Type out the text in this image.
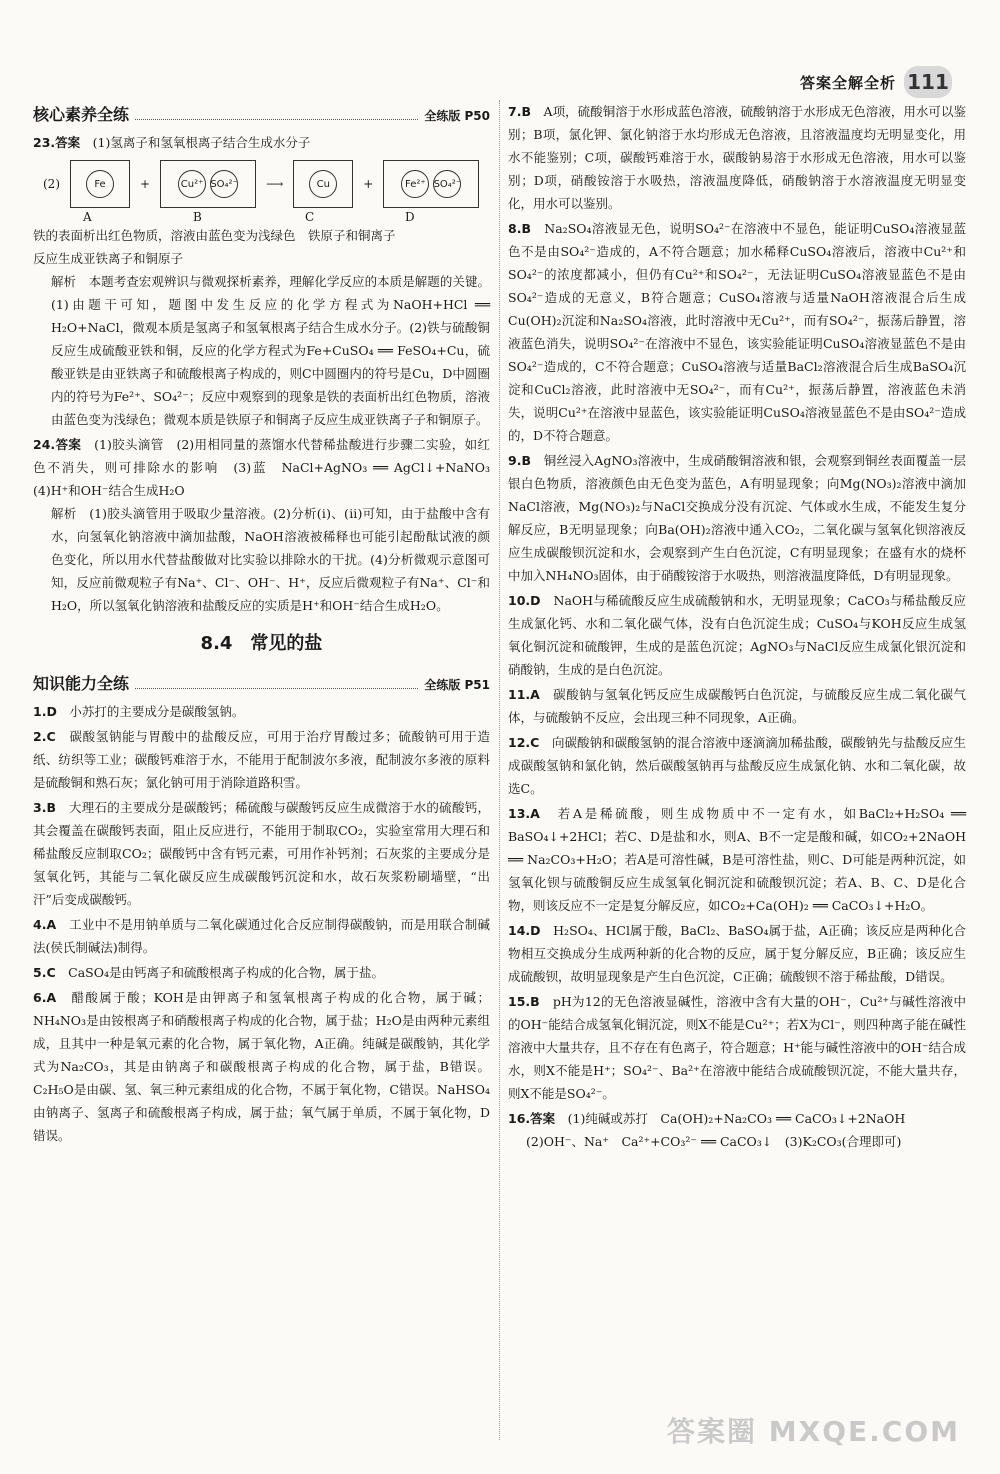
答案全解全析 111
核心素养全练	全练版 P50

23.答案　 (1)氢离子和氢氧根离子结合生成水分子

(2)	Fe	+	Cu²⁺ SO₄²⁻ ⟶	Cu	+	Fe²⁺ SO₄²⁻
A	B	C	D

铁的表面析出红色物质，溶液由蓝色变为浅绿色　铁原子和铜离子

反应生成亚铁离子和铜原子

解析　本题考查宏观辨识与微观探析素养，理解化学反应的本质是解题的关键。(1)由题干可知，题图中发生反应的化学方程式为NaOH+HCl ══ H₂O+NaCl，微观本质是氢离子和氢氧根离子结合生成水分子。(2)铁与硫酸铜反应生成硫酸亚铁和铜，反应的化学方程式为Fe+CuSO₄ ══ FeSO₄+Cu，硫酸亚铁是由亚铁离子和硫酸根离子构成的，则C中圆圈内的符号是Cu，D中圆圈内的符号为Fe²⁺、SO₄²⁻；反应中观察到的现象是铁的表面析出红色物质，溶液由蓝色变为浅绿色；微观本质是铁原子和铜离子反应生成亚铁离子子和铜原子。

24.答案　 (1)胶头滴管　(2)用相同量的蒸馏水代替稀盐酸进行步骤二实验，如红色不消失，则可排除水的影响　(3)蓝　NaCl+AgNO₃ ══ AgCl↓+NaNO₃　(4)H⁺和OH⁻结合生成H₂O

解析　(1)胶头滴管用于吸取少量溶液。(2)分析(ⅰ)、(ⅱ)可知，由于盐酸中含有水，向氢氧化钠溶液中滴加盐酸，NaOH溶液被稀释也可能引起酚酞试液的颜色变化，所以用水代替盐酸做对比实验以排除水的干扰。(4)分析微观示意图可知，反应前微观粒子有Na⁺、Cl⁻、OH⁻、H⁺，反应后微观粒子有Na⁺、Cl⁻和H₂O，所以氢氧化钠溶液和盐酸反应的实质是H⁺和OH⁻结合生成H₂O。

8.4　常见的盐
知识能力全练	全练版 P51

1.D　 小苏打的主要成分是碳酸氢钠。

2.C　 碳酸氢钠能与胃酸中的盐酸反应，可用于治疗胃酸过多；硫酸钠可用于造纸、纺织等工业；碳酸钙难溶于水，不能用于配制波尔多液，配制波尔多液的原料是硫酸铜和熟石灰；氯化钠可用于消除道路积雪。

3.B　 大理石的主要成分是碳酸钙；稀硫酸与碳酸钙反应生成微溶于水的硫酸钙，其会覆盖在碳酸钙表面，阻止反应进行，不能用于制取CO₂，实验室常用大理石和稀盐酸反应制取CO₂；碳酸钙中含有钙元素，可用作补钙剂；石灰浆的主要成分是氢氧化钙，其能与二氧化碳反应生成碳酸钙沉淀和水，故石灰浆粉刷墙壁，“出汗”后变成碳酸钙。

4.A　 工业中不是用钠单质与二氧化碳通过化合反应制得碳酸钠，而是用联合制碱法(侯氏制碱法)制得。

5.C　 CaSO₄是由钙离子和硫酸根离子构成的化合物，属于盐。

6.A　 醋酸属于酸；KOH是由钾离子和氢氧根离子构成的化合物，属于碱；NH₄NO₃是由铵根离子和硝酸根离子构成的化合物，属于盐；H₂O是由两种元素组成，且其中一种是氧元素的化合物，属于氧化物，A正确。纯碱是碳酸钠，其化学式为Na₂CO₃，其是由钠离子和碳酸根离子构成的化合物，属于盐，B错误。C₂H₅O是由碳、氢、氧三种元素组成的化合物，不属于氧化物，C错误。NaHSO₄由钠离子、氢离子和硫酸根离子构成，属于盐；氧气属于单质，不属于氧化物，D错误。

7.B　 A项，硫酸铜溶于水形成蓝色溶液，硫酸钠溶于水形成无色溶液，用水可以鉴别；B项，氯化钾、氯化钠溶于水均形成无色溶液，且溶液温度均无明显变化，用水不能鉴别；C项，碳酸钙难溶于水，碳酸钠易溶于水形成无色溶液，用水可以鉴别；D项，硝酸铵溶于水吸热，溶液温度降低，硝酸钠溶于水溶液温度无明显变化，用水可以鉴别。

8.B　 Na₂SO₄溶液显无色，说明SO₄²⁻在溶液中不显色，能证明CuSO₄溶液显蓝色不是由SO₄²⁻造成的，A不符合题意；加水稀释CuSO₄溶液后，溶液中Cu²⁺和SO₄²⁻的浓度都减小，但仍有Cu²⁺和SO₄²⁻，无法证明CuSO₄溶液显蓝色不是由SO₄²⁻造成的无意义，B符合题意；CuSO₄溶液与适量NaOH溶液混合后生成Cu(OH)₂沉淀和Na₂SO₄溶液，此时溶液中无Cu²⁺，而有SO₄²⁻，振荡后静置，溶液蓝色消失，说明SO₄²⁻在溶液中不显色，该实验能证明CuSO₄溶液显蓝色不是由SO₄²⁻造成的，C不符合题意；CuSO₄溶液与适量BaCl₂溶液混合后生成BaSO₄沉淀和CuCl₂溶液，此时溶液中无SO₄²⁻，而有Cu²⁺，振荡后静置，溶液蓝色未消失，说明Cu²⁺在溶液中显蓝色，该实验能证明CuSO₄溶液显蓝色不是由SO₄²⁻造成的，D不符合题意。

9.B　 铜丝浸入AgNO₃溶液中，生成硝酸铜溶液和银，会观察到铜丝表面覆盖一层银白色物质，溶液颜色由无色变为蓝色，A有明显现象；向Mg(NO₃)₂溶液中滴加NaCl溶液，Mg(NO₃)₂与NaCl交换成分没有沉淀、气体或水生成，不能发生复分解反应，B无明显现象；向Ba(OH)₂溶液中通入CO₂，二氧化碳与氢氧化钡溶液反应生成碳酸钡沉淀和水，会观察到产生白色沉淀，C有明显现象；在盛有水的烧杯中加入NH₄NO₃固体，由于硝酸铵溶于水吸热，则溶液温度降低，D有明显现象。

10.D　 NaOH与稀硫酸反应生成硫酸钠和水，无明显现象；CaCO₃与稀盐酸反应生成氯化钙、水和二氧化碳气体，没有白色沉淀生成；CuSO₄与KOH反应生成氢氧化铜沉淀和硫酸钾，生成的是蓝色沉淀；AgNO₃与NaCl反应生成氯化银沉淀和硝酸钠，生成的是白色沉淀。

11.A　 碳酸钠与氢氧化钙反应生成碳酸钙白色沉淀，与硫酸反应生成二氧化碳气体，与硫酸钠不反应，会出现三种不同现象，A正确。

12.C　 向碳酸钠和碳酸氢钠的混合溶液中逐滴滴加稀盐酸，碳酸钠先与盐酸反应生成碳酸氢钠和氯化钠，然后碳酸氢钠再与盐酸反应生成氯化钠、水和二氧化碳，故选C。

13.A　 若A是稀硫酸，则生成物质中不一定有水，如BaCl₂+H₂SO₄ ══ BaSO₄↓+2HCl；若C、D是盐和水，则A、B不一定是酸和碱，如CO₂+2NaOH ══ Na₂CO₃+H₂O；若A是可溶性碱，B是可溶性盐，则C、D可能是两种沉淀，如氢氧化钡与硫酸铜反应生成氢氧化铜沉淀和硫酸钡沉淀；若A、B、C、D是化合物，则该反应不一定是复分解反应，如CO₂+Ca(OH)₂ ══ CaCO₃↓+H₂O。

14.D　 H₂SO₄、HCl属于酸，BaCl₂、BaSO₄属于盐，A正确；该反应是两种化合物相互交换成分生成两种新的化合物的反应，属于复分解反应，B正确；该反应生成硫酸钡，故明显现象是产生白色沉淀，C正确；硫酸钡不溶于稀盐酸，D错误。

15.B　 pH为12的无色溶液显碱性，溶液中含有大量的OH⁻，Cu²⁺与碱性溶液中的OH⁻能结合成氢氧化铜沉淀，则X不能是Cu²⁺；若X为Cl⁻，则四种离子能在碱性溶液中大量共存，且不存在有色离子，符合题意；H⁺能与碱性溶液中的OH⁻结合成水，则X不能是H⁺；SO₄²⁻、Ba²⁺在溶液中能结合成硫酸钡沉淀，不能大量共存，则X不能是SO₄²⁻。

16.答案　 (1)纯碱或苏打　Ca(OH)₂+Na₂CO₃ ══ CaCO₃↓+2NaOH

(2)OH⁻、Na⁺　Ca²⁺+CO₃²⁻ ══ CaCO₃↓　(3)K₂CO₃(合理即可)

答案圈 MXQE.COM
